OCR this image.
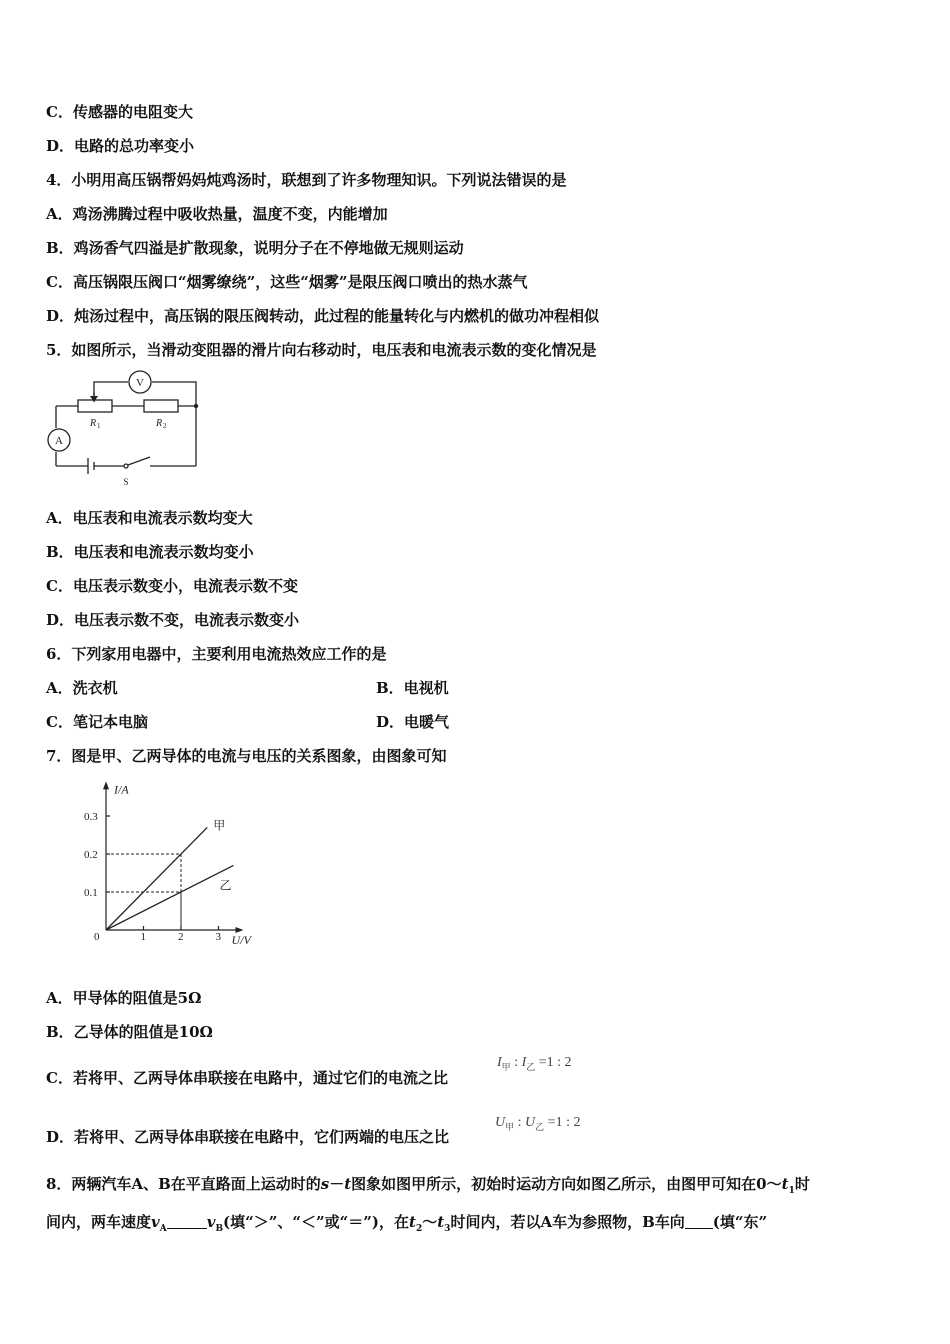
C．传感器的电阻变大
D．电路的总功率变小
4．小明用高压锅帮妈妈炖鸡汤时，联想到了许多物理知识。下列说法错误的是
A．鸡汤沸腾过程中吸收热量，温度不变，内能增加
B．鸡汤香气四溢是扩散现象，说明分子在不停地做无规则运动
C．高压锅限压阀口“烟雾缭绕”，这些“烟雾”是限压阀口喷出的热水蒸气
D．炖汤过程中，高压锅的限压阀转动，此过程的能量转化与内燃机的做功冲程相似
5．如图所示，当滑动变阻器的滑片向右移动时，电压表和电流表示数的变化情况是
V
A
R 1	R 2
S
A．电压表和电流表示数均变大
B．电压表和电流表示数均变小
C．电压表示数变小，电流表示数不变
D．电压表示数不变，电流表示数变小
6．下列家用电器中，主要利用电流热效应工作的是
A．洗衣机	B．电视机
C．笔记本电脑	D．电暖气
7．图是甲、乙两导体的电流与电压的关系图象，由图象可知
0	1	2	3
0.1
0.2
0.3
I/A
U/V
甲
乙
A．甲导体的阻值是5Ω
B．乙导体的阻值是10Ω
C．若将甲、乙两导体串联接在电路中，通过它们的电流之比
$I_甲$ : $I_乙 =1$ : 2
D．若将甲、乙两导体串联接在电路中，它们两端的电压之比
$U_甲$ : $U_乙 =1$ : 2
8．两辆汽车A、B在平直路面上运动时的s－t图象如图甲所示，初始时运动方向如图乙所示，由图甲可知在$0\sim t_1$时
间内，两车速度$v_A$	$v_B$(填“＞”、“＜”或“＝”)，在$t_2\sim t_3$时间内，若以A车为参照物，B车向 (填“东”
